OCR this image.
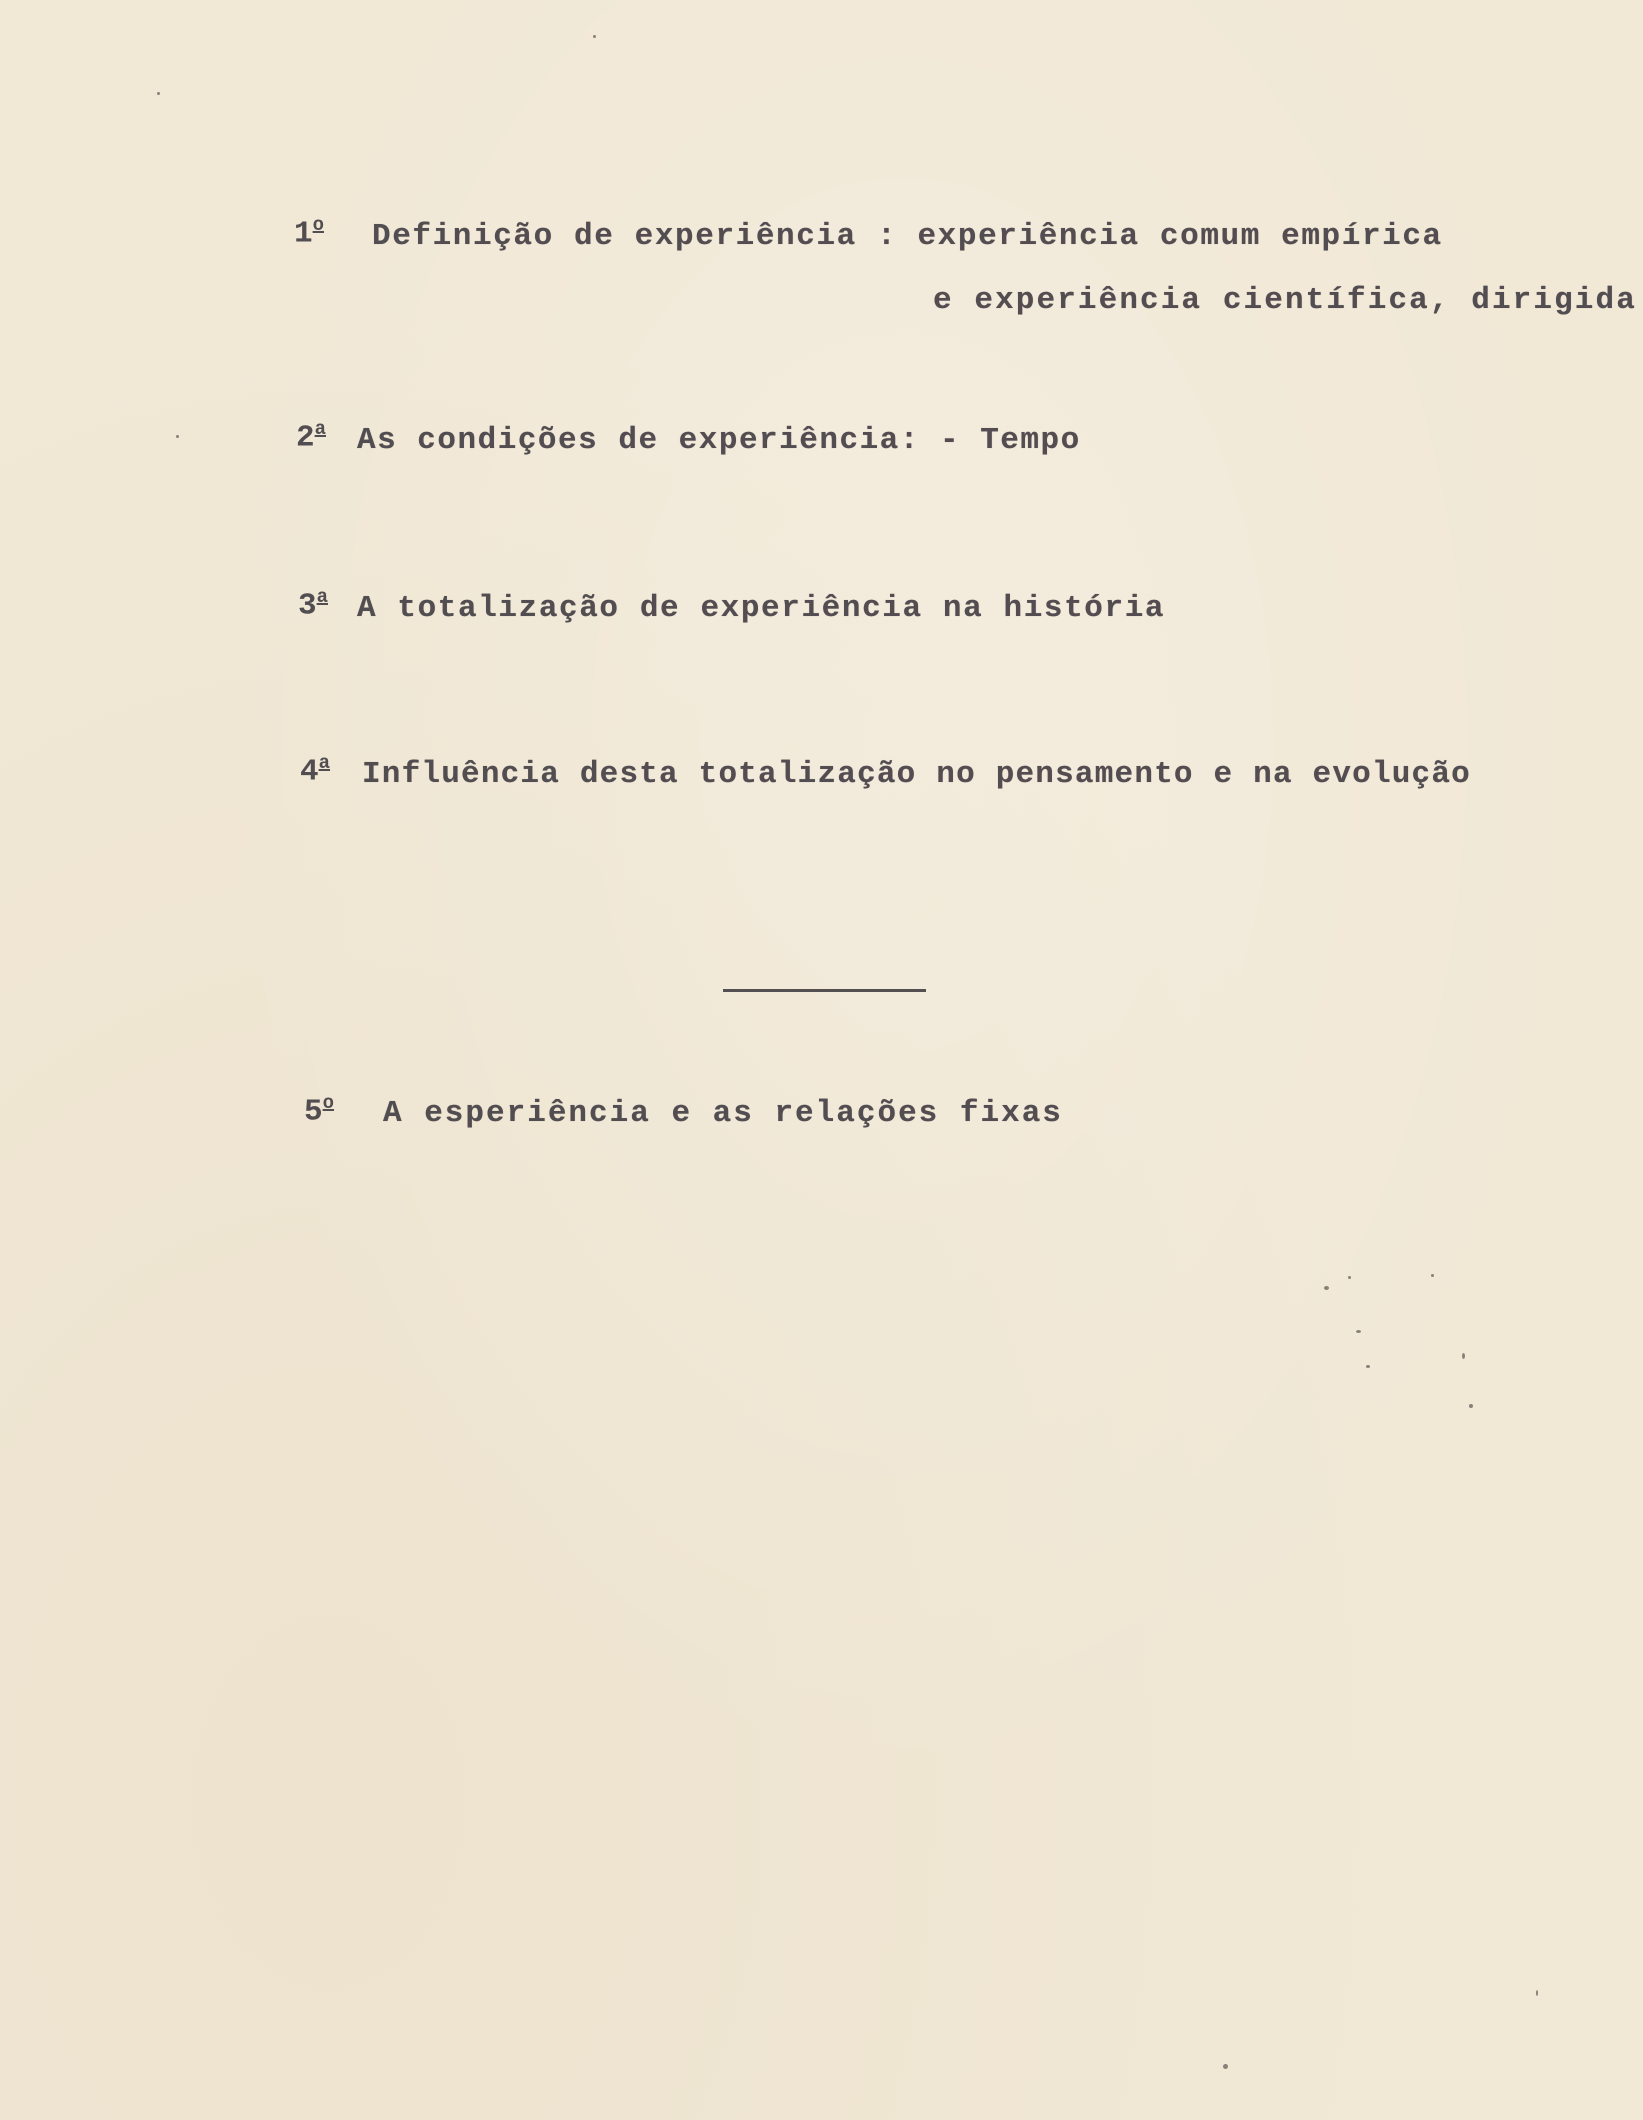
1$^o$ Definição de experiência : experiência comum empírica

e experiência científica, dirigida

2$^a$ As condições de experiência: - Tempo

3$^a$ A totalização de experiência na história

4$^a$ Influência desta totalização no pensamento e na evolução

5$^o$ A esperiência e as relações fixas
